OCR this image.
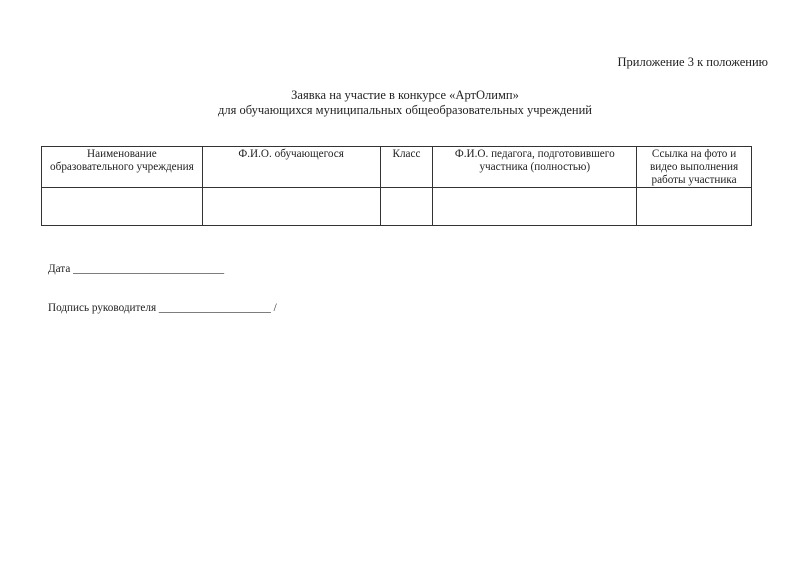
Приложение 3 к положению
Заявка на участие в конкурсе «АртОлимп»
для обучающихся муниципальных общеобразовательных учреждений
Наименование образовательного учреждения	Ф.И.О. обучающегося	Класс	Ф.И.О. педагога, подготовившего участника (полностью)	Ссылка на фото и видео выполнения работы участника

Дата ___________________________
Подпись руководителя ____________________ /
